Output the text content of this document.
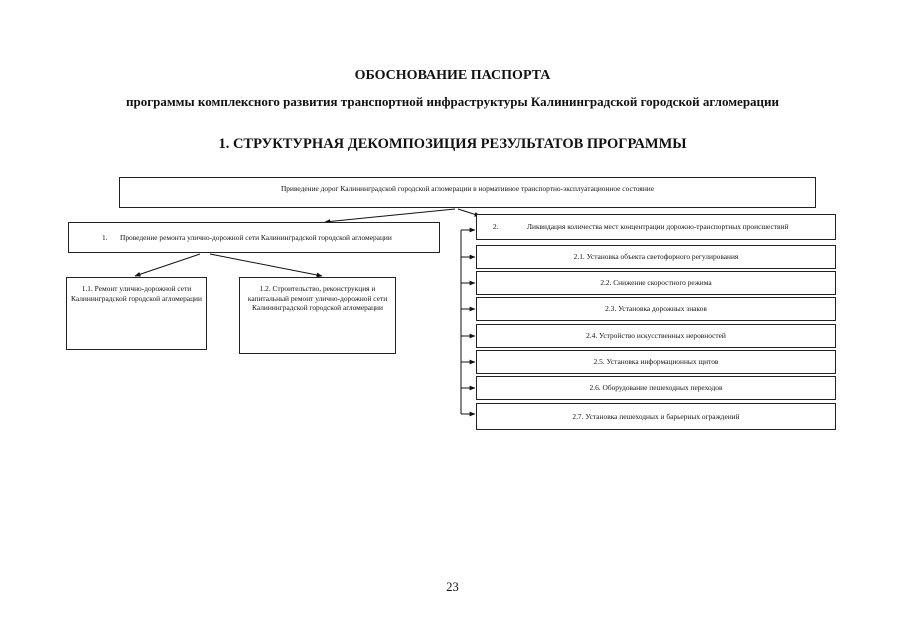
ОБОСНОВАНИЕ ПАСПОРТА
программы комплексного развития транспортной инфраструктуры Калининградской городской агломерации
1. СТРУКТУРНАЯ ДЕКОМПОЗИЦИЯ РЕЗУЛЬТАТОВ ПРОГРАММЫ
Приведение дорог Калининградской городской агломерации в нормативное транспортно-эксплуатационное состояние
1.	Проведение ремонта улично-дорожной сети Калининградской городской агломерации
2.	Ликвидация количества мест концентрации дорожно-транспортных происшествий
1.1. Ремонт улично-дорожной сети Калининградской городской агломерации
1.2. Строительство, реконструкция и капитальный ремонт улично-дорожной сети Калининградской городской агломерации
2.1. Установка объекта светофорного регулирования
2.2. Снижение скоростного режима
2.3. Установка дорожных знаков
2.4. Устройство искусственных неровностей
2.5. Установка информационных щитов
2.6. Оборудование пешеходных переходов
2.7. Установка пешеходных и барьерных ограждений
23
